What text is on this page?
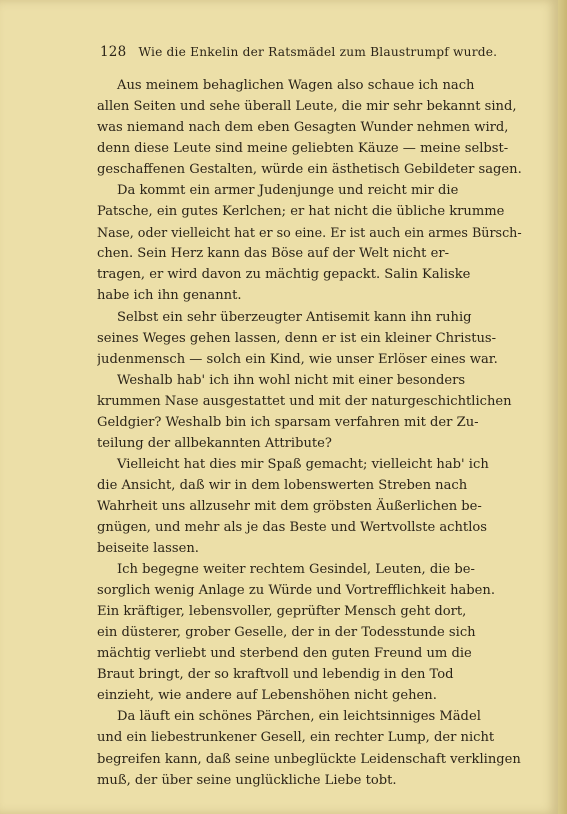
128 Wie die Enkelin der Ratsmädel zum Blaustrumpf wurde.
Aus meinem behaglichen Wagen also schaue ich nach
allen Seiten und sehe überall Leute, die mir sehr bekannt sind,
was niemand nach dem eben Gesagten Wunder nehmen wird,
denn diese Leute sind meine geliebten Käuze — meine selbst-
geschaffenen Gestalten, würde ein ästhetisch Gebildeter sagen.
Da kommt ein armer Judenjunge und reicht mir die
Patsche, ein gutes Kerlchen; er hat nicht die übliche krumme
Nase, oder vielleicht hat er so eine. Er ist auch ein armes Bürsch-
chen. Sein Herz kann das Böse auf der Welt nicht er-
tragen, er wird davon zu mächtig gepackt. Salin Kaliske
habe ich ihn genannt.
Selbst ein sehr überzeugter Antisemit kann ihn ruhig
seines Weges gehen lassen, denn er ist ein kleiner Christus-
judenmensch — solch ein Kind, wie unser Erlöser eines war.
Weshalb hab' ich ihn wohl nicht mit einer besonders
krummen Nase ausgestattet und mit der naturgeschichtlichen
Geldgier? Weshalb bin ich sparsam verfahren mit der Zu-
teilung der allbekannten Attribute?
Vielleicht hat dies mir Spaß gemacht; vielleicht hab' ich
die Ansicht, daß wir in dem lobenswerten Streben nach
Wahrheit uns allzusehr mit dem gröbsten Äußerlichen be-
gnügen, und mehr als je das Beste und Wertvollste achtlos
beiseite lassen.
Ich begegne weiter rechtem Gesindel, Leuten, die be-
sorglich wenig Anlage zu Würde und Vortrefflichkeit haben.
Ein kräftiger, lebensvoller, geprüfter Mensch geht dort,
ein düsterer, grober Geselle, der in der Todesstunde sich
mächtig verliebt und sterbend den guten Freund um die
Braut bringt, der so kraftvoll und lebendig in den Tod
einzieht, wie andere auf Lebenshöhen nicht gehen.
Da läuft ein schönes Pärchen, ein leichtsinniges Mädel
und ein liebestrunkener Gesell, ein rechter Lump, der nicht
begreifen kann, daß seine unbeglückte Leidenschaft verklingen
muß, der über seine unglückliche Liebe tobt.
